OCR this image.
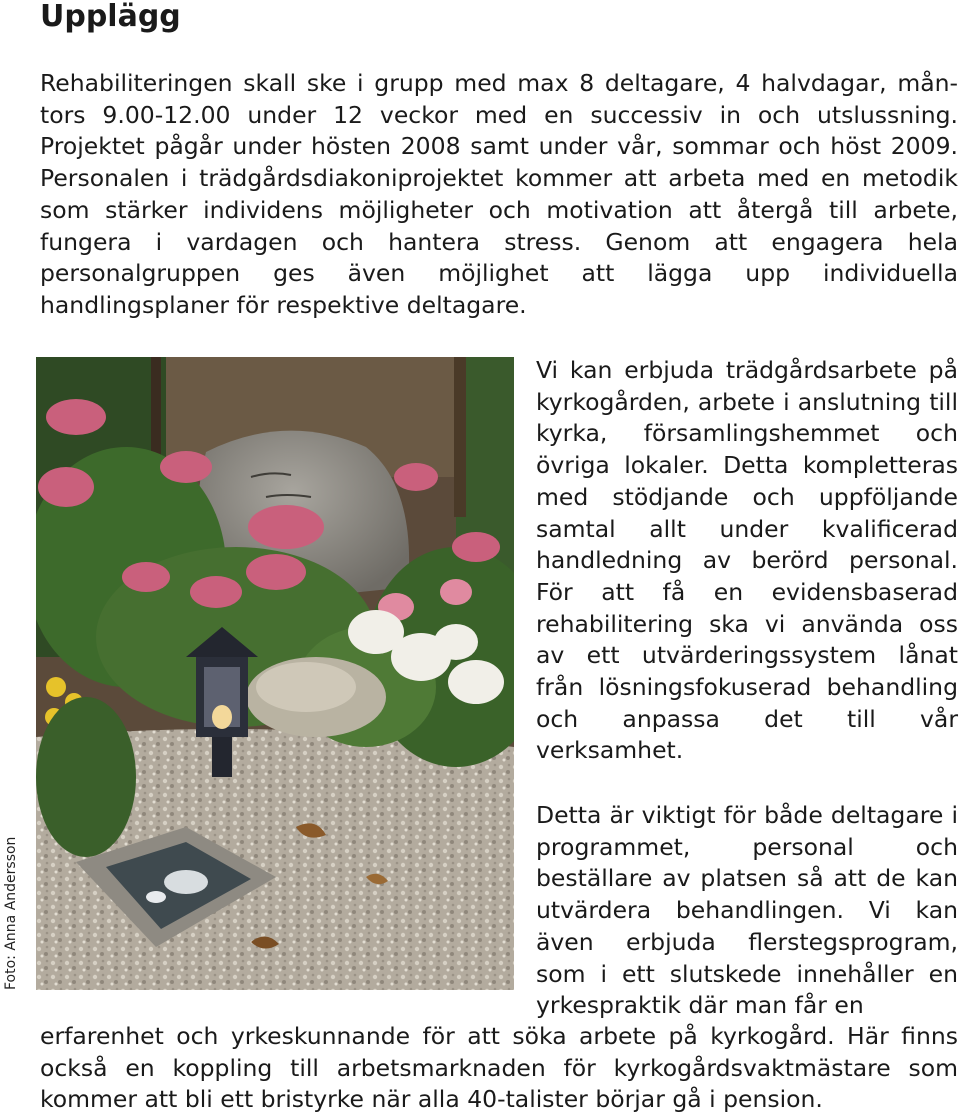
Upplägg

Rehabiliteringen skall ske i grupp med max 8 deltagare, 4 halvdagar, mån-tors 9.00-12.00 under 12 veckor med en successiv in och utslussning. Projektet pågår under hösten 2008 samt under vår, sommar och höst 2009. Personalen i trädgårdsdiakoniprojektet kommer att arbeta med en metodik som stärker individens möjligheter och motivation att återgå till arbete, fungera i vardagen och hantera stress. Genom att engagera hela personalgruppen ges även möjlighet att lägga upp individuella handlingsplaner för respektive deltagare.

Vi kan erbjuda trädgårdsarbete på kyrkogården, arbete i anslutning till kyrka, församlingshemmet och övriga lokaler. Detta kompletteras med stödjande och uppföljande samtal allt under kvalificerad handledning av berörd personal. För att få en evidensbaserad rehabilitering ska vi använda oss av ett utvärderingssystem lånat från lösningsfokuserad behandling och anpassa det till vår verksamhet.

Detta är viktigt för både deltagare i programmet, personal och beställare av platsen så att de kan utvärdera behandlingen. Vi kan även erbjuda flerstegsprogram, som i ett slutskede innehåller en yrkespraktik där man får en

erfarenhet och yrkeskunnande för att söka arbete på kyrkogård. Här finns också en koppling till arbetsmarknaden för kyrkogårdsvaktmästare som kommer att bli ett bristyrke när alla 40-talister börjar gå i pension.

Foto: Anna Andersson
